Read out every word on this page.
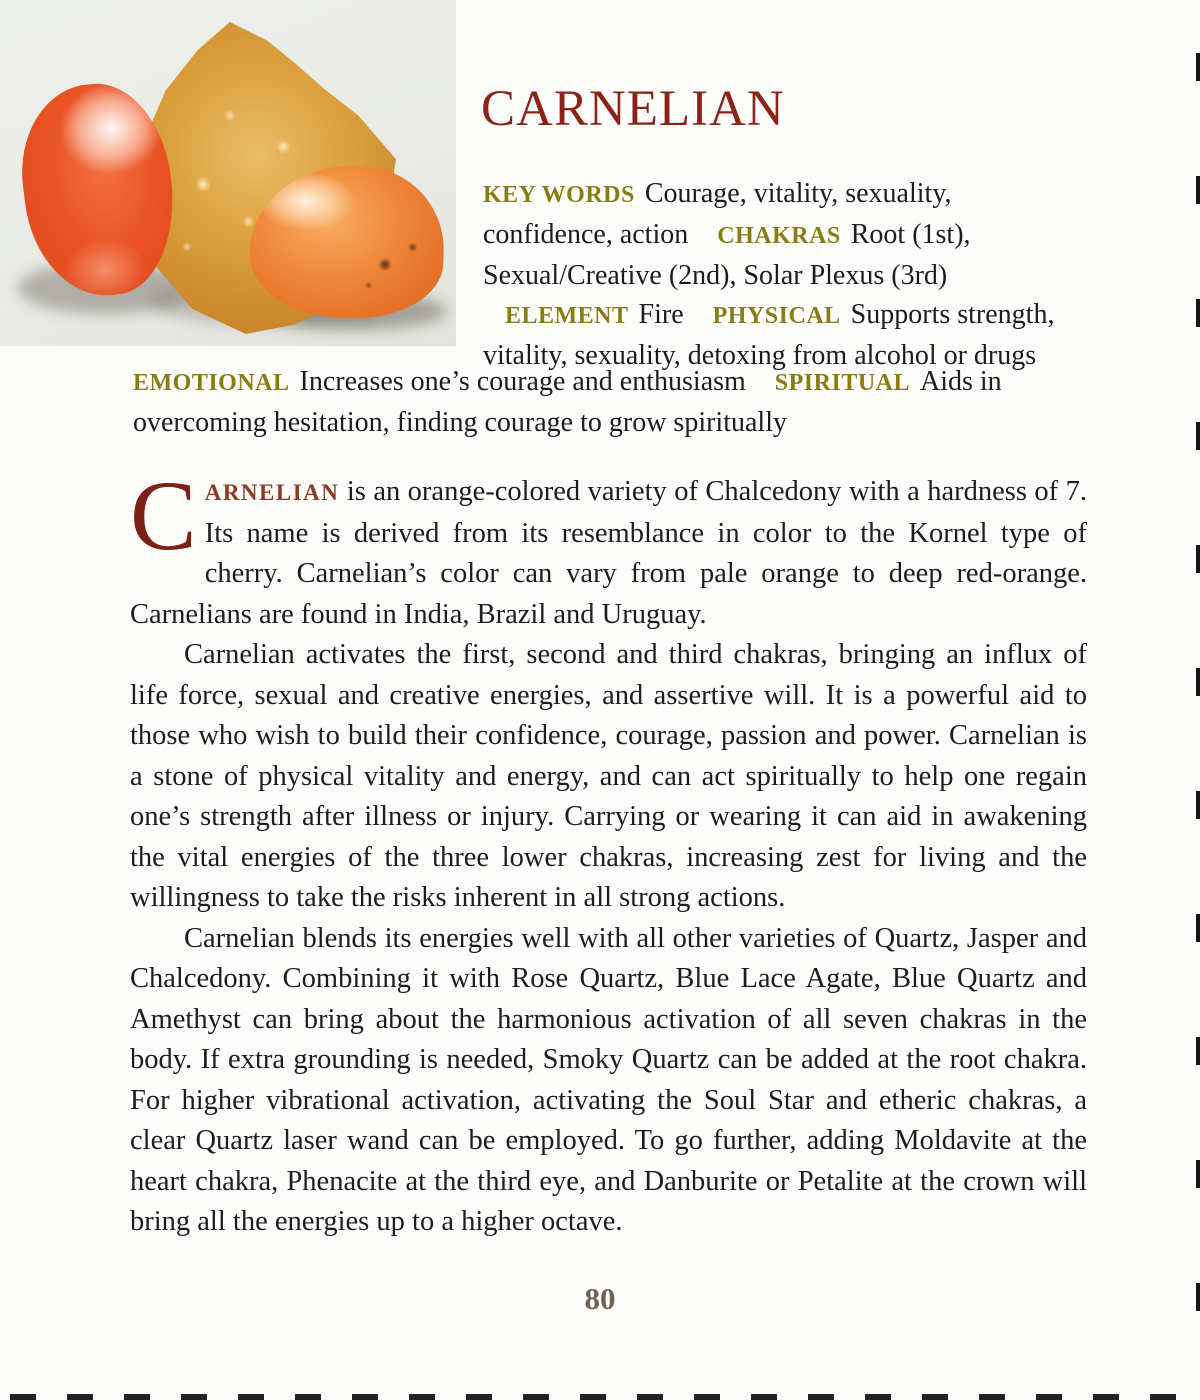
CARNELIAN
KEY WORDS Courage, vitality, sexuality, confidence, action CHAKRAS Root (1st), Sexual/Creative (2nd), Solar Plexus (3rd) ELEMENT Fire PHYSICAL Supports strength, vitality, sexuality, detoxing from alcohol or drugs
EMOTIONAL Increases one’s courage and enthusiasm SPIRITUAL Aids in overcoming hesitation, finding courage to grow spiritually

CARNELIAN is an orange-colored variety of Chalcedony with a hardness of 7. Its name is derived from its resemblance in color to the Kornel type of cherry. Carnelian’s color can vary from pale orange to deep red-orange. Carnelians are found in India, Brazil and Uruguay.

Carnelian activates the first, second and third chakras, bringing an influx of life force, sexual and creative energies, and assertive will. It is a powerful aid to those who wish to build their confidence, courage, passion and power. Carnelian is a stone of physical vitality and energy, and can act spiritually to help one regain one’s strength after illness or injury. Carrying or wearing it can aid in awakening the vital energies of the three lower chakras, increasing zest for living and the willingness to take the risks inherent in all strong actions.

Carnelian blends its energies well with all other varieties of Quartz, Jasper and Chalcedony. Combining it with Rose Quartz, Blue Lace Agate, Blue Quartz and Amethyst can bring about the harmonious activation of all seven chakras in the body. If extra grounding is needed, Smoky Quartz can be added at the root chakra. For higher vibrational activation, activating the Soul Star and etheric chakras, a clear Quartz laser wand can be employed. To go further, adding Moldavite at the heart chakra, Phenacite at the third eye, and Danburite or Petalite at the crown will bring all the energies up to a higher octave.

80
